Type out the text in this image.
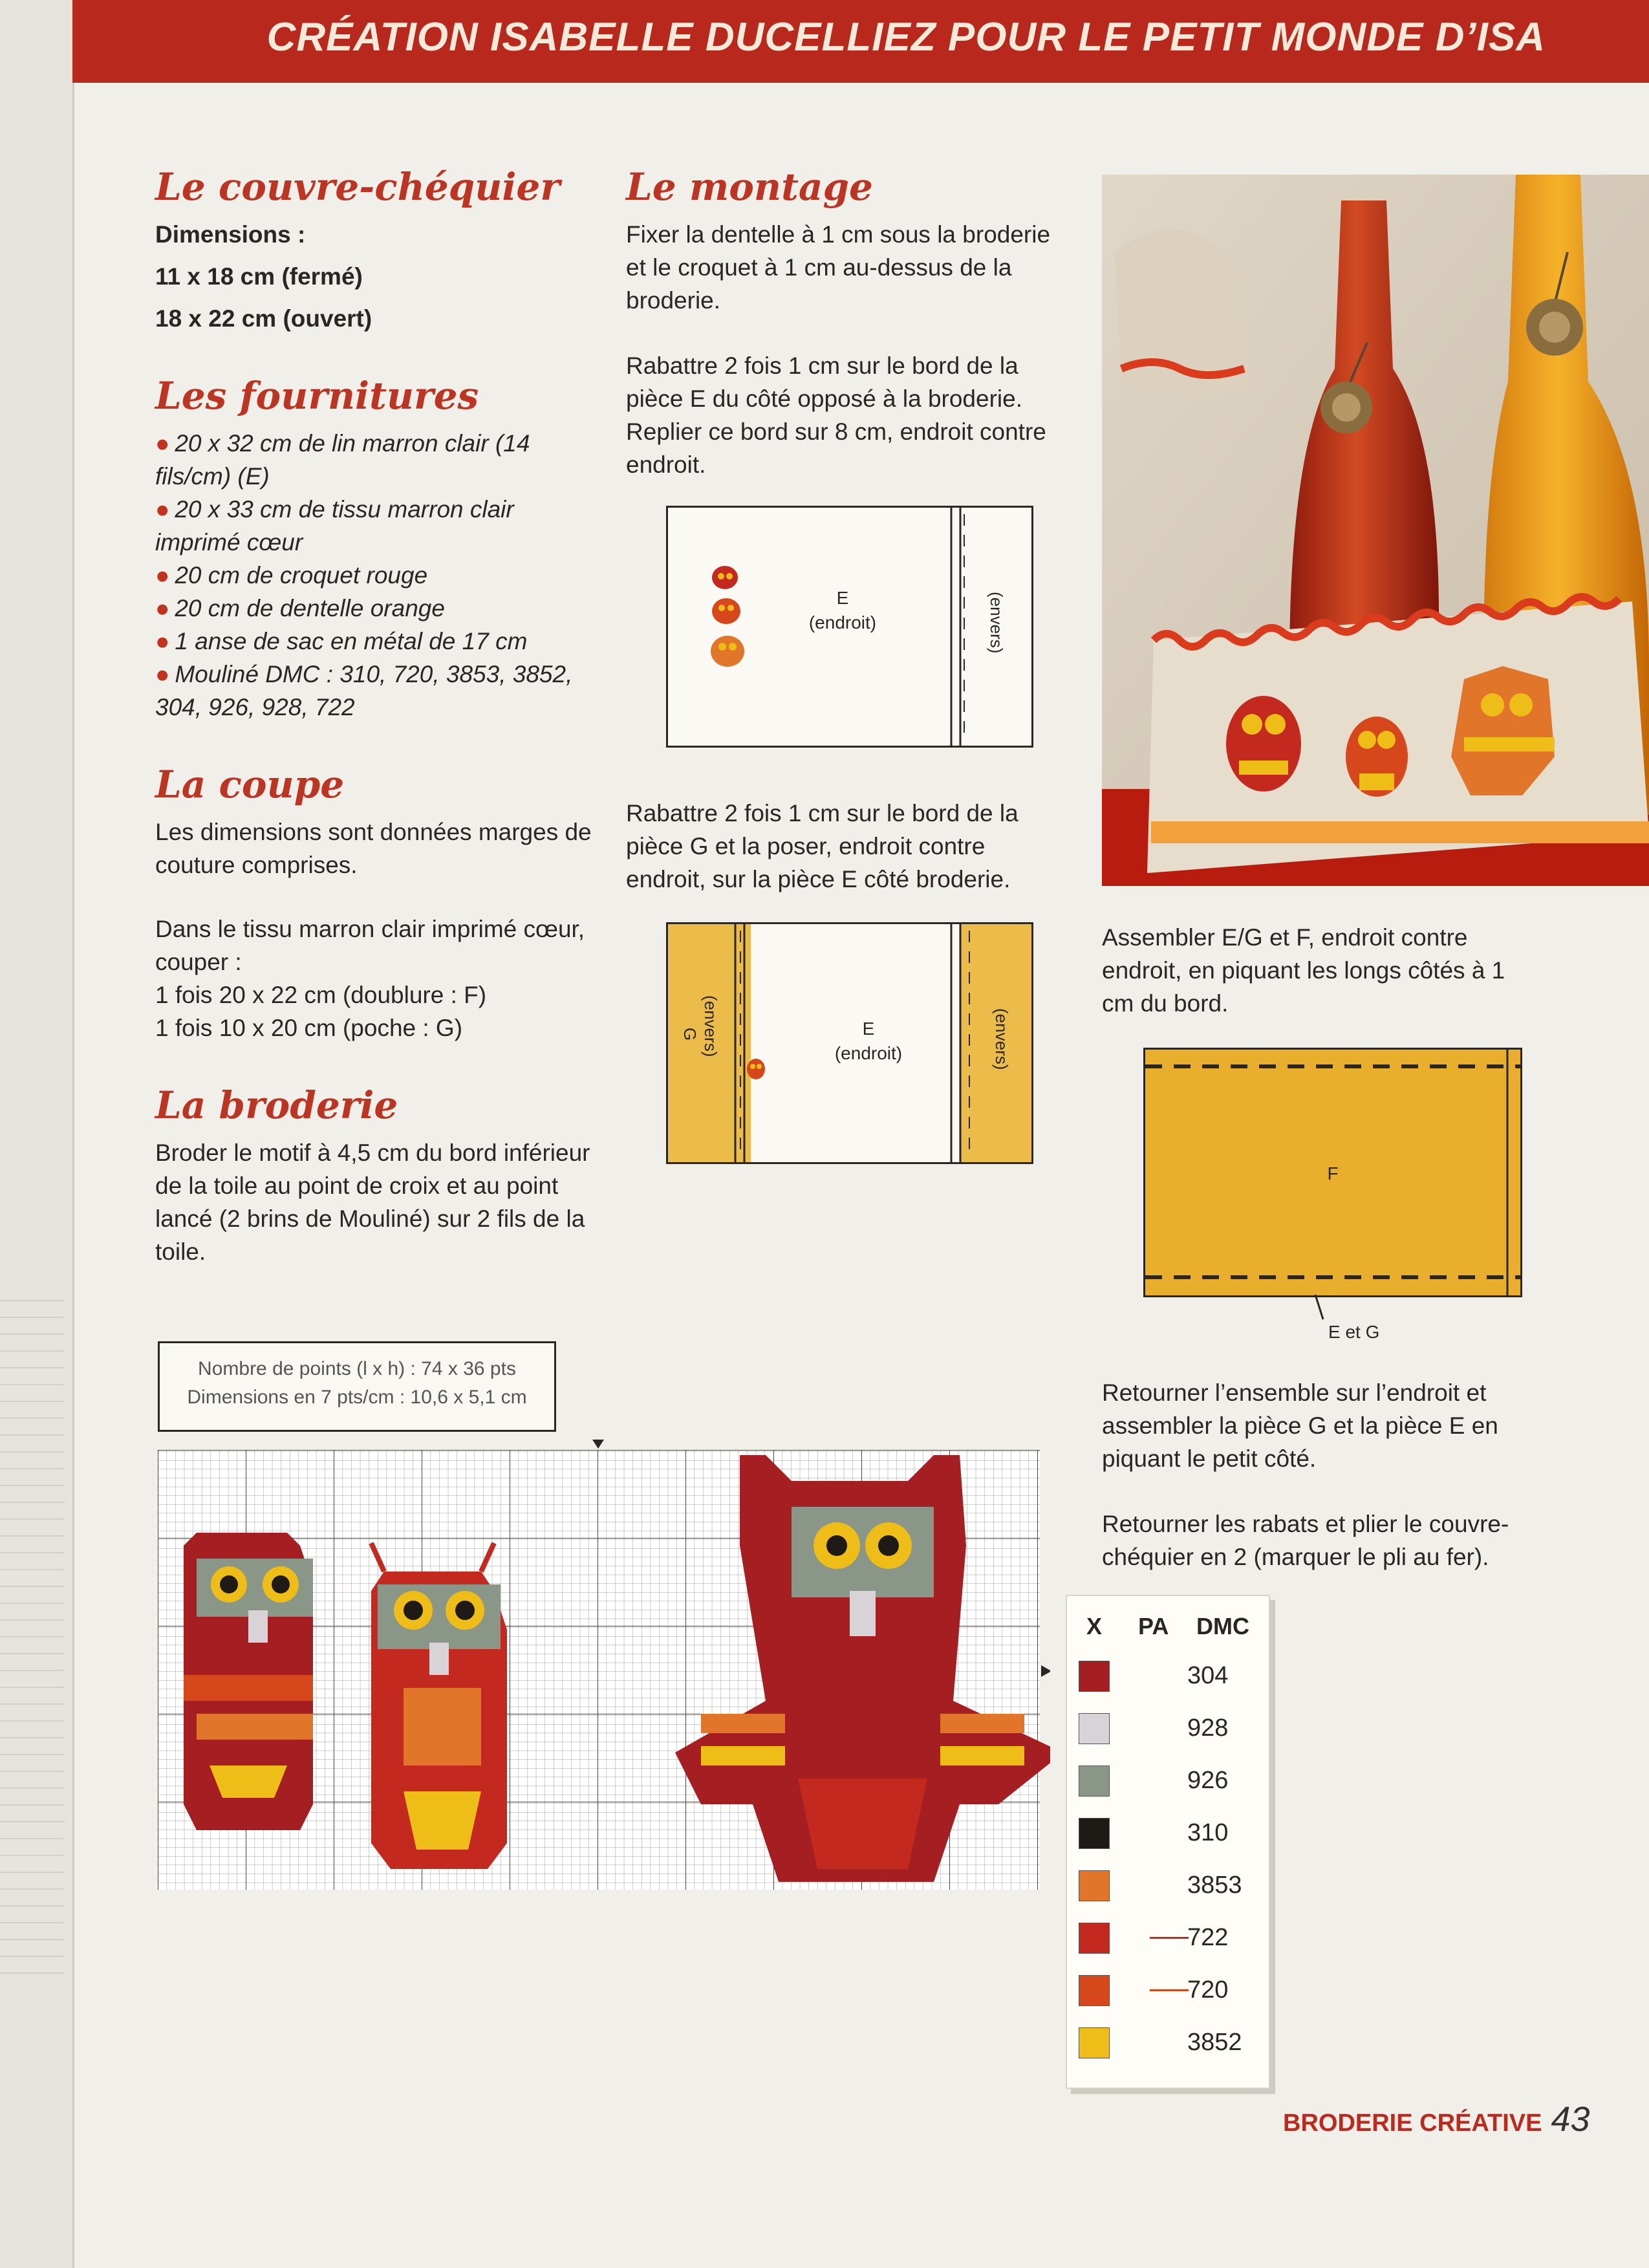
CRÉATION ISABELLE DUCELLIEZ POUR LE PETIT MONDE D’ISA
Le couvre-chéquier

Dimensions :

11 x 18 cm (fermé)

18 x 22 cm (ouvert)

Les fournitures

● 20 x 32 cm de lin marron clair (14 fils/cm) (E)

● 20 x 33 cm de tissu marron clair imprimé cœur

● 20 cm de croquet rouge

● 20 cm de dentelle orange

● 1 anse de sac en métal de 17 cm

● Mouliné DMC : 310, 720, 3853, 3852, 304, 926, 928, 722

La coupe

Les dimensions sont données marges de couture comprises.

Dans le tissu marron clair imprimé cœur, couper :

1 fois 20 x 22 cm (doublure : F)

1 fois 10 x 20 cm (poche : G)

La broderie

Broder le motif à 4,5 cm du bord inférieur de la toile au point de croix et au point lancé (2 brins de Mouliné) sur 2 fils de la toile.

Le montage

Fixer la dentelle à 1 cm sous la broderie et le croquet à 1 cm au-dessus de la broderie.

Rabattre 2 fois 1 cm sur le bord de la pièce E du côté opposé à la broderie. Replier ce bord sur 8 cm, endroit contre endroit.

E
(endroit)	(envers)

Rabattre 2 fois 1 cm sur le bord de la pièce G et la poser, endroit contre endroit, sur la pièce E côté broderie.

G (envers)	E
(endroit)	(envers)

Assembler E/G et F, endroit contre endroit, en piquant les longs côtés à 1 cm du bord.

F
E et G

Retourner l’ensemble sur l’endroit et assembler la pièce G et la pièce E en piquant le petit côté.

Retourner les rabats et plier le couvre-chéquier en 2 (marquer le pli au fer).

Nombre de points (l x h) : 74 x 36 pts
Dimensions en 7 pts/cm : 10,6 x 5,1 cm
X PA DMC
304
928
926
310
3853
722
720
3852
BRODERIE CRÉATIVE 43
